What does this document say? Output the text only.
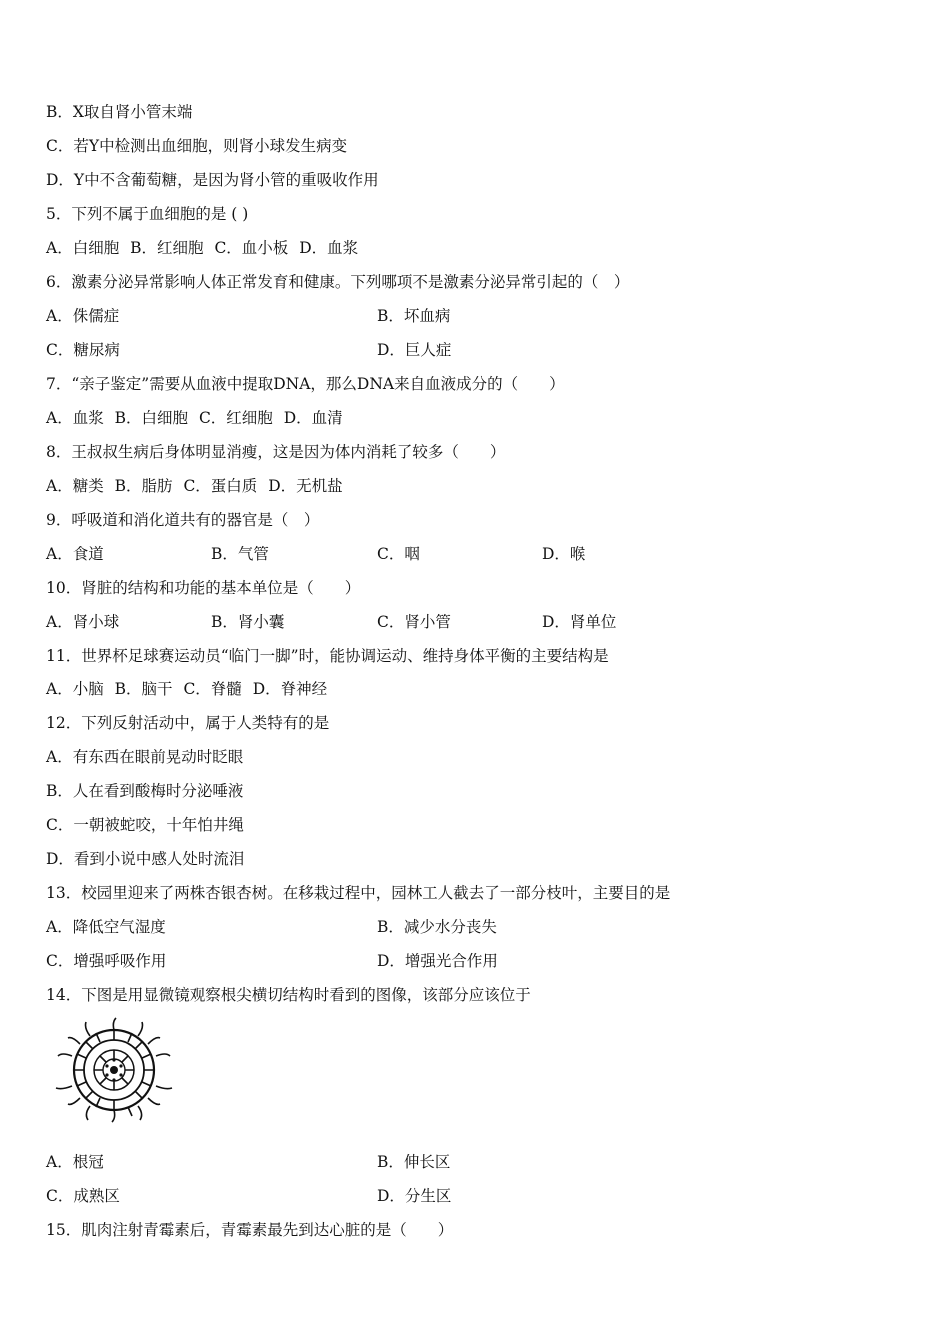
B．X取自肾小管末端
C．若Y中检测出血细胞，则肾小球发生病变
D．Y中不含葡萄糖，是因为肾小管的重吸收作用
5．下列不属于血细胞的是 ( )
A．白细胞 B．红细胞 C．血小板 D．血浆
6．激素分泌异常影响人体正常发育和健康。下列哪项不是激素分泌异常引起的（　）
A．侏儒症	B．坏血病
C．糖尿病	D．巨人症
7．“亲子鉴定”需要从血液中提取DNA，那么DNA来自血液成分的（　　）
A．血浆 B．白细胞 C．红细胞 D．血清
8．王叔叔生病后身体明显消瘦，这是因为体内消耗了较多（　　）
A．糖类 B．脂肪 C．蛋白质 D．无机盐
9．呼吸道和消化道共有的器官是（　）
A．食道	B．气管	C．咽	D．喉
10．肾脏的结构和功能的基本单位是（　　）
A．肾小球	B．肾小囊	C．肾小管	D．肾单位
11．世界杯足球赛运动员“临门一脚”时，能协调运动、维持身体平衡的主要结构是
A．小脑 B．脑干 C．脊髓 D．脊神经
12．下列反射活动中，属于人类特有的是
A．有东西在眼前晃动时眨眼
B．人在看到酸梅时分泌唾液
C．一朝被蛇咬，十年怕井绳
D．看到小说中感人处时流泪
13．校园里迎来了两株杏银杏树。在移栽过程中，园林工人截去了一部分枝叶，主要目的是
A．降低空气湿度	B．减少水分丧失
C．增强呼吸作用	D．增强光合作用
14．下图是用显微镜观察根尖横切结构时看到的图像，该部分应该位于
A．根冠	B．伸长区
C．成熟区	D．分生区
15．肌肉注射青霉素后，青霉素最先到达心脏的是（　　）
